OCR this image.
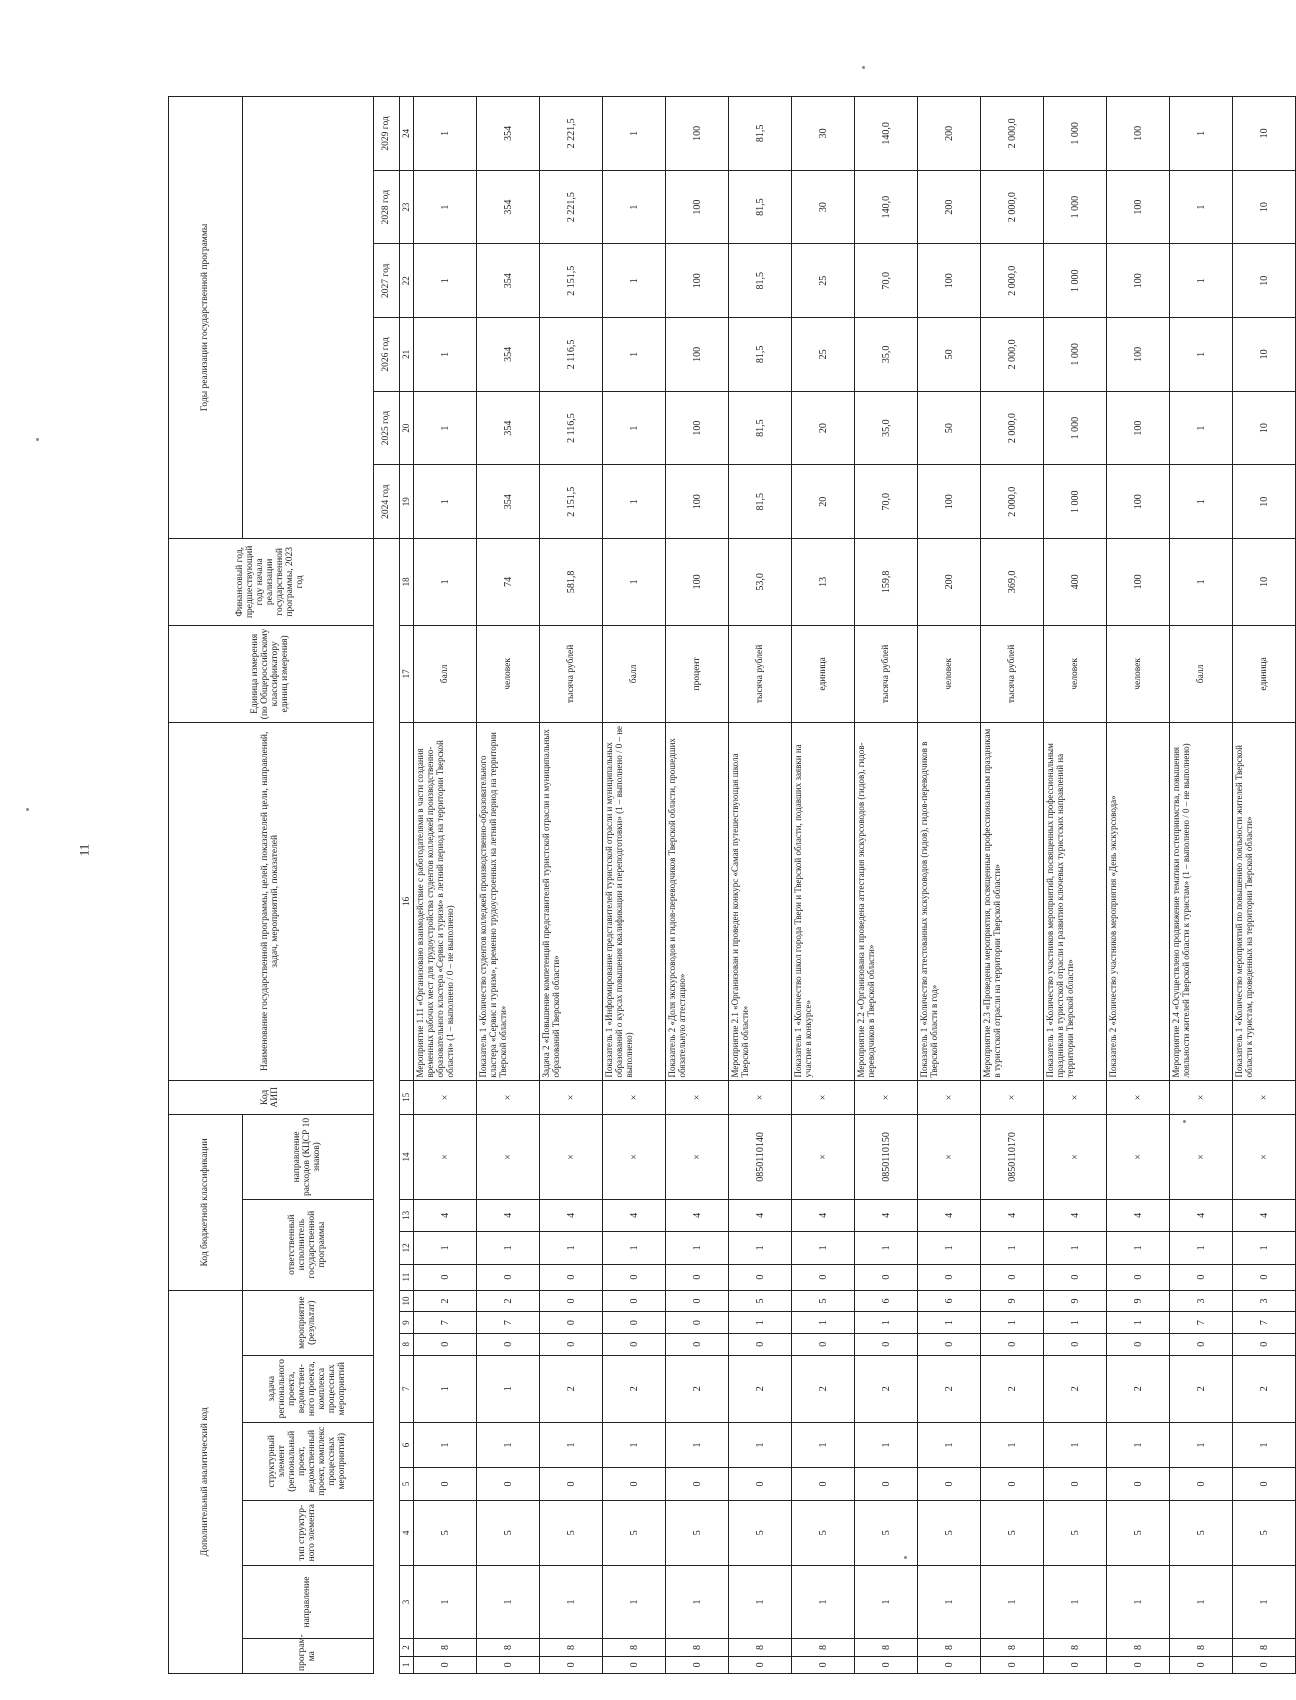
11
Дополнительный аналитический код										Код бюджетной классификации				Код АИП	Наименование государственной программы, целей, показателей цели, направлений, задач, мероприятий, показателей	Единица измерения (по Общероссийскому классификатору единиц измерения)	Финансовый год, предшествующий году начала реализации государственной программы, 2023 год	Годы реализации государственной программы					
програм-ма		направление	тип структур-ного элемента	структурный элемент (региональный проект, ведомственный проект, комплекс процессных мероприятий)		задача регионального проекта, ведомствен-ного проекта, комплекса процессных мероприятий	мероприятие (результат)			ответственный исполнитель государственной программы			направление расходов (КЦСР 10 знаков)										

																		2024 год	2025 год	2026 год	2027 год	2028 год	2029 год
1	2	3	4	5	6	7	8	9	10	11	12	13	14	15	16	17	18	19	20	21	22	23	24
0	8	1	5	0	1	1	0	7	2	0	1	4	×	×	Мероприятие 1.11 «Организовано взаимодействие с работодателями в части создания временных рабочих мест для трудоустройства студентов колледжей производственно-образовательного кластера «Сервис и туризм» в летний период на территории Тверской области» (1 – выполнено / 0 – не выполнено)	балл	1	1	1	1	1	1	1
0	8	1	5	0	1	1	0	7	2	0	1	4	×	×	Показатель 1 «Количество студентов колледжей производственно-образовательного кластера «Сервис и туризм», временно трудоустроенных на летний период на территории Тверской области»	человек	74	354	354	354	354	354	354
0	8	1	5	0	1	2	0	0	0	0	1	4	×	×	Задача 2 «Повышение компетенций представителей туристской отрасли и муниципальных образований Тверской области»	тысяча рублей	581,8	2 151,5	2 116,5	2 116,5	2 151,5	2 221,5	2 221,5
0	8	1	5	0	1	2	0	0	0	0	1	4	×	×	Показатель 1 «Информирование представителей туристской отрасли и муниципальных образований о курсах повышения квалификации и переподготовки» (1 – выполнено / 0 – не выполнено)	балл	1	1	1	1	1	1	1
0	8	1	5	0	1	2	0	0	0	0	1	4	×	×	Показатель 2 «Доля экскурсоводов и гидов-переводчиков Тверской области, прошедших обязательную аттестацию»	процент	100	100	100	100	100	100	100
0	8	1	5	0	1	2	0	1	5	0	1	4	0850110140	×	Мероприятие 2.1 «Организован и проведен конкурс «Самая путешествующая школа Тверской области»	тысяча рублей	53,0	81,5	81,5	81,5	81,5	81,5	81,5
0	8	1	5	0	1	2	0	1	5	0	1	4	×	×	Показатель 1 «Количество школ города Твери и Тверской области, подавших заявки на участие в конкурсе»	единица	13	20	20	25	25	30	30
0	8	1	5	0	1	2	0	1	6	0	1	4	0850110150	×	Мероприятие 2.2 «Организована и проведена аттестация экскурсоводов (гидов), гидов-переводчиков в Тверской области»	тысяча рублей	159,8	70,0	35,0	35,0	70,0	140,0	140,0
0	8	1	5	0	1	2	0	1	6	0	1	4	×	×	Показатель 1 «Количество аттестованных экскурсоводов (гидов), гидов-переводчиков в Тверской области в год»	человек	200	100	50	50	100	200	200
0	8	1	5	0	1	2	0	1	9	0	1	4	0850110170	×	Мероприятие 2.3 «Проведены мероприятия, посвященные профессиональным праздникам в туристской отрасли на территории Тверской области»	тысяча рублей	369,0	2 000,0	2 000,0	2 000,0	2 000,0	2 000,0	2 000,0
0	8	1	5	0	1	2	0	1	9	0	1	4	×	×	Показатель 1 «Количество участников мероприятий, посвященных профессиональным праздникам в туристской отрасли и развитию ключевых туристских направлений на территории Тверской области»	человек	400	1 000	1 000	1 000	1 000	1 000	1 000
0	8	1	5	0	1	2	0	1	9	0	1	4	×	×	Показатель 2 «Количество участников мероприятия «День экскурсовода»	человек	100	100	100	100	100	100	100
0	8	1	5	0	1	2	0	7	3	0	1	4	×	×	Мероприятие 2.4 «Осуществлено продвижение тематики гостеприимства, повышения лояльности жителей Тверской области к туристам» (1 – выполнено / 0 – не выполнено)	балл	1	1	1	1	1	1	1
0	8	1	5	0	1	2	0	7	3	0	1	4	×	×	Показатель 1 «Количество мероприятий по повышению лояльности жителей Тверской области к туристам, проведенных на территории Тверской области»	единица	10	10	10	10	10	10	10
